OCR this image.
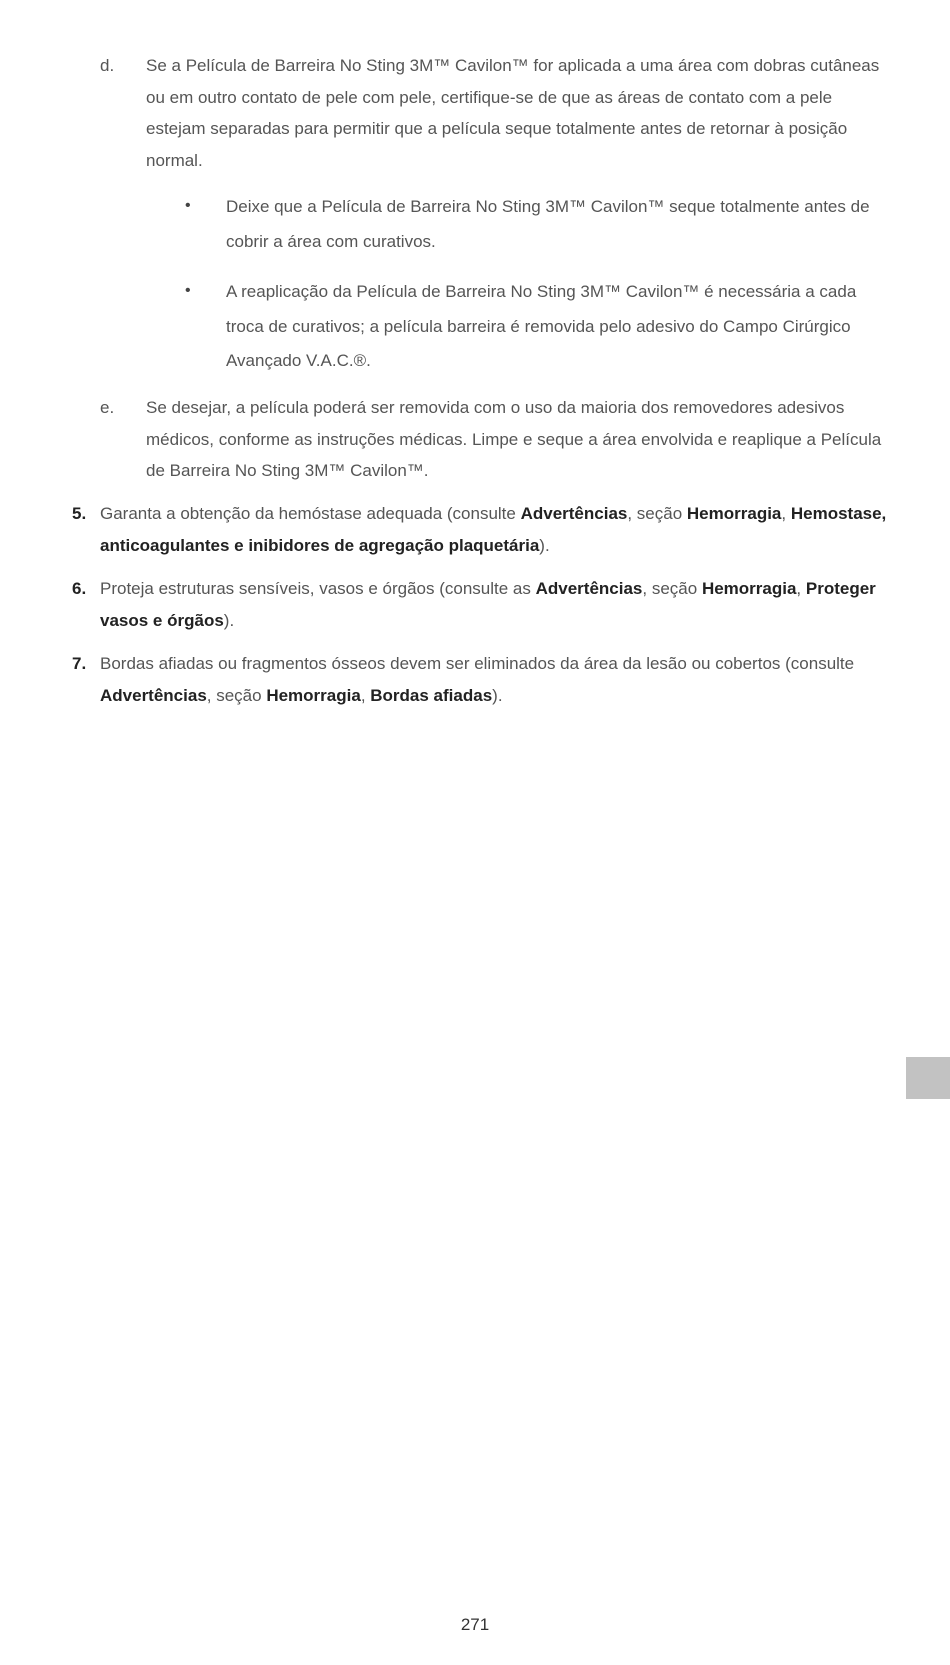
d.	Se a Película de Barreira No Sting 3M™ Cavilon™ for aplicada a uma área com dobras cutâneas ou em outro contato de pele com pele, certifique-se de que as áreas de contato com a pele estejam separadas para permitir que a película seque totalmente antes de retornar à posição normal.
•	Deixe que a Película de Barreira No Sting 3M™ Cavilon™ seque totalmente antes de cobrir a área com curativos.
•	A reaplicação da Película de Barreira No Sting 3M™ Cavilon™ é necessária a cada troca de curativos; a película barreira é removida pelo adesivo do Campo Cirúrgico Avançado V.A.C.®.
e.	Se desejar, a película poderá ser removida com o uso da maioria dos removedores adesivos médicos, conforme as instruções médicas. Limpe e seque a área envolvida e reaplique a Película de Barreira No Sting 3M™ Cavilon™.
5. Garanta a obtenção da hemóstase adequada (consulte Advertências, seção Hemorragia, Hemostase, anticoagulantes e inibidores de agregação plaquetária).
6. Proteja estruturas sensíveis, vasos e órgãos (consulte as Advertências, seção Hemorragia, Proteger vasos e órgãos).
7. Bordas afiadas ou fragmentos ósseos devem ser eliminados da área da lesão ou cobertos (consulte Advertências, seção Hemorragia, Bordas afiadas).
271
